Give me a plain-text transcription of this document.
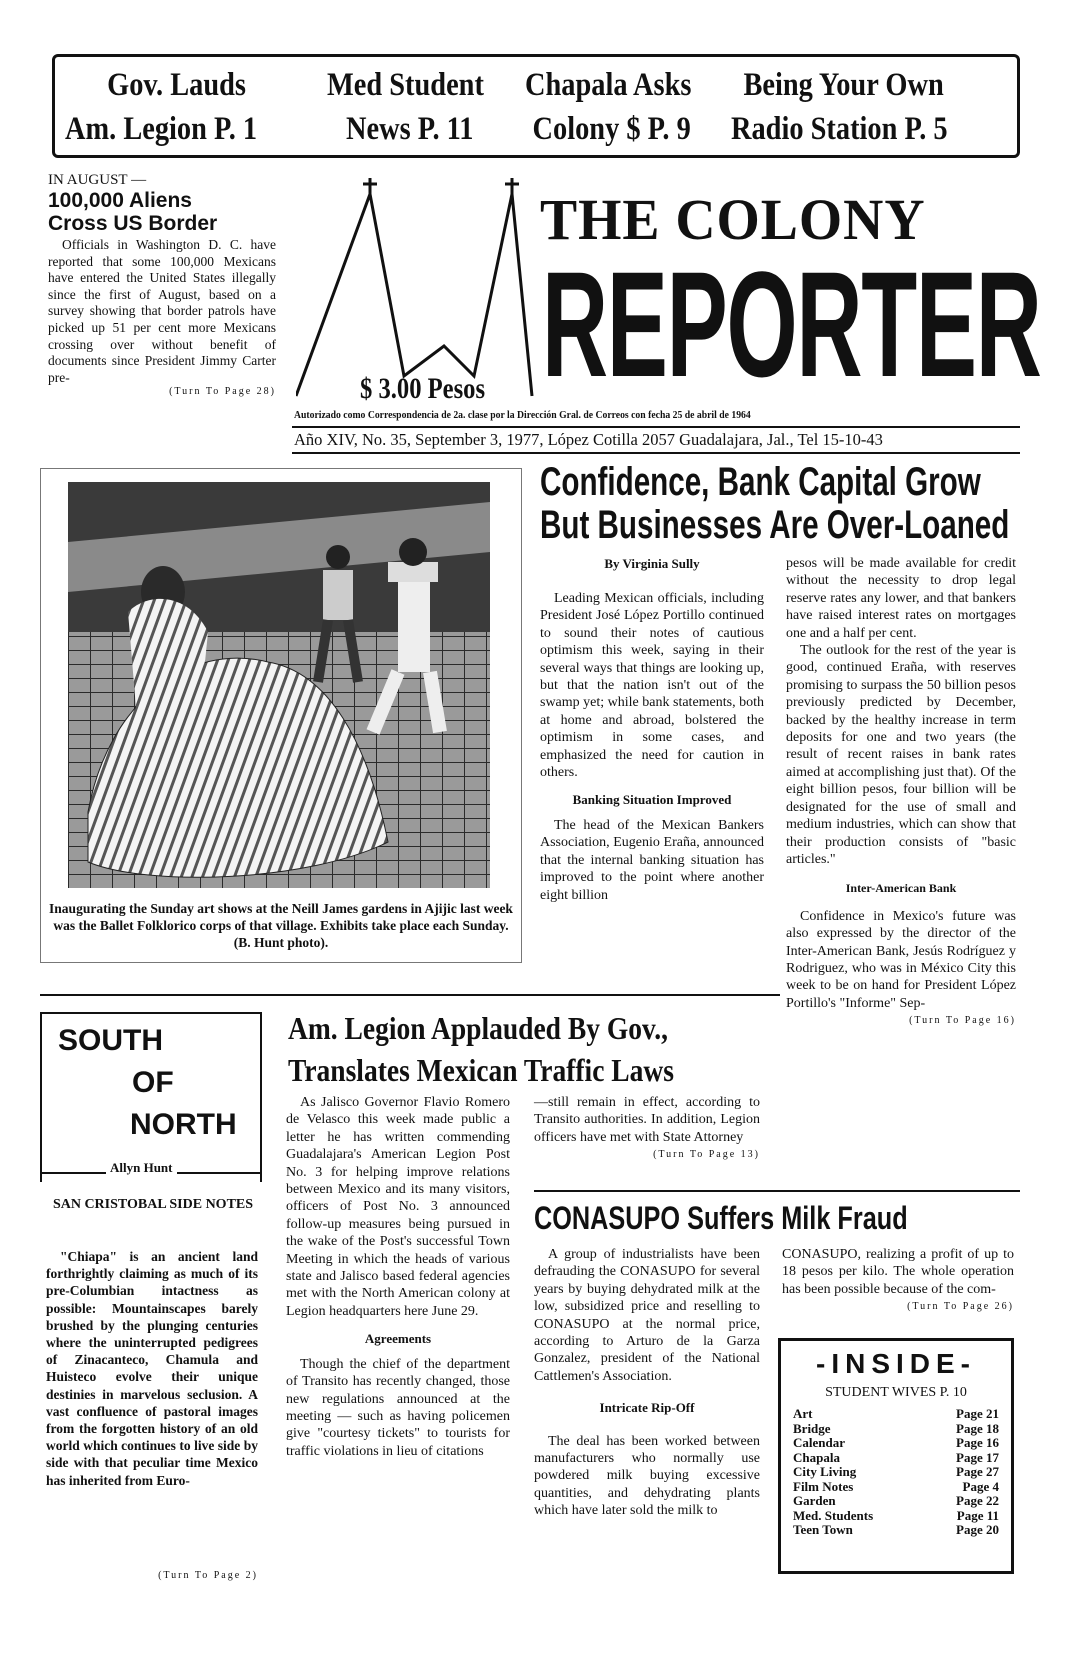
Gov. Lauds
Am. Legion P. 1
Med Student
News P. 11
Chapala Asks
Colony $ P. 9
Being Your Own
Radio Station P. 5
IN AUGUST —
100,000 Aliens
Cross US Border
Officials in Washington D. C. have reported that some 100,000 Mexicans have entered the United States illegally since the first of August, based on a survey showing that border patrols have picked up 51 per cent more Mexicans crossing over without benefit of documents since President Jimmy Carter pre-
(Turn To Page 28)	$ 3.00 Pesos
THE COLONY
REPORTER
Autorizado como Correspondencia de 2a. clase por la Dirección Gral. de Correos con fecha 25 de abril de 1964
Año XIV, No. 35, September 3, 1977, López Cotilla 2057 Guadalajara, Jal., Tel 15-10-43
Inaugurating the Sunday art shows at the Neill James gardens in Ajijic last week was the Ballet Folklorico corps of that village. Exhibits take place each Sunday.
(B. Hunt photo).
Confidence, Bank Capital Grow
But Businesses Are Over-Loaned
By Virginia Sully

Leading Mexican officials, including President José López Portillo continued to sound their notes of cautious optimism this week, saying in their several ways that things are looking up, but that the nation isn't out of the swamp yet; while bank statements, both at home and abroad, bolstered the optimism in some cases, and emphasized the need for caution in others.

Banking Situation Improved

The head of the Mexican Bankers Association, Eugenio Eraña, announced that the internal banking situation has improved to the point where another eight billion

pesos will be made available for credit without the necessity to drop legal reserve rates any lower, and that bankers have raised interest rates on mortgages one and a half per cent.

The outlook for the rest of the year is good, continued Eraña, with reserves promising to surpass the 50 billion pesos previously predicted by December, backed by the healthy increase in term deposits for one and two years (the result of recent raises in bank rates aimed at accomplishing just that). Of the eight billion pesos, four billion will be designated for the use of small and medium industries, which can show that their production consists of "basic articles."

Inter-American Bank

Confidence in Mexico's future was also expressed by the director of the Inter-American Bank, Jesús Rodríguez y Rodriguez, who was in México City this week to be on hand for President López Portillo's "Informe" Sep-

(Turn To Page 16)
SOUTH
OF
NORTH
Allyn Hunt
SAN CRISTOBAL SIDE NOTES
"Chiapa" is an ancient land forthrightly claiming as much of its pre-Columbian intactness as possible: Mountainscapes barely brushed by the plunging centuries where the uninterrupted pedigrees of Zinacanteco, Chamula and Huisteco evolve their unique destinies in marvelous seclusion. A vast confluence of pastoral images from the forgotten history of an old world which continues to live side by side with that peculiar time Mexico has inherited from Euro-
(Turn To Page 2)
Am. Legion Applauded By Gov.,
Translates Mexican Traffic Laws

As Jalisco Governor Flavio Romero de Velasco this week made public a letter he has written commending Guadalajara's American Legion Post No. 3 for helping improve relations between Mexico and its many visitors, officers of Post No. 3 announced follow-up measures being pursued in the wake of the Post's successful Town Meeting in which the heads of various state and Jalisco based federal agencies met with the North American colony at Legion headquarters here June 29.

Agreements

Though the chief of the department of Transito has recently changed, those new regulations announced at the meeting — such as having policemen give "courtesy tickets" to tourists for traffic violations in lieu of citations

—still remain in effect, according to Transito authorities. In addition, Legion officers have met with State Attorney

(Turn To Page 13)
CONASUPO Suffers Milk Fraud

A group of industrialists have been defrauding the CONASUPO for several years by buying dehydrated milk at the low, subsidized price and reselling to CONASUPO at the normal price, according to Arturo de la Garza Gonzalez, president of the National Cattlemen's Association.

Intricate Rip-Off

The deal has been worked between manufacturers who normally use powdered milk buying excessive quantities, and dehydrating plants which have later sold the milk to

CONASUPO, realizing a profit of up to 18 pesos per kilo. The whole operation has been possible because of the com-

(Turn To Page 26)
-INSIDE-
STUDENT WIVES P. 10
Art	Page 21
Bridge	Page 18
Calendar	Page 16
Chapala	Page 17
City Living	Page 27
Film Notes	Page 4
Garden	Page 22
Med. Students	Page 11
Teen Town	Page 20
